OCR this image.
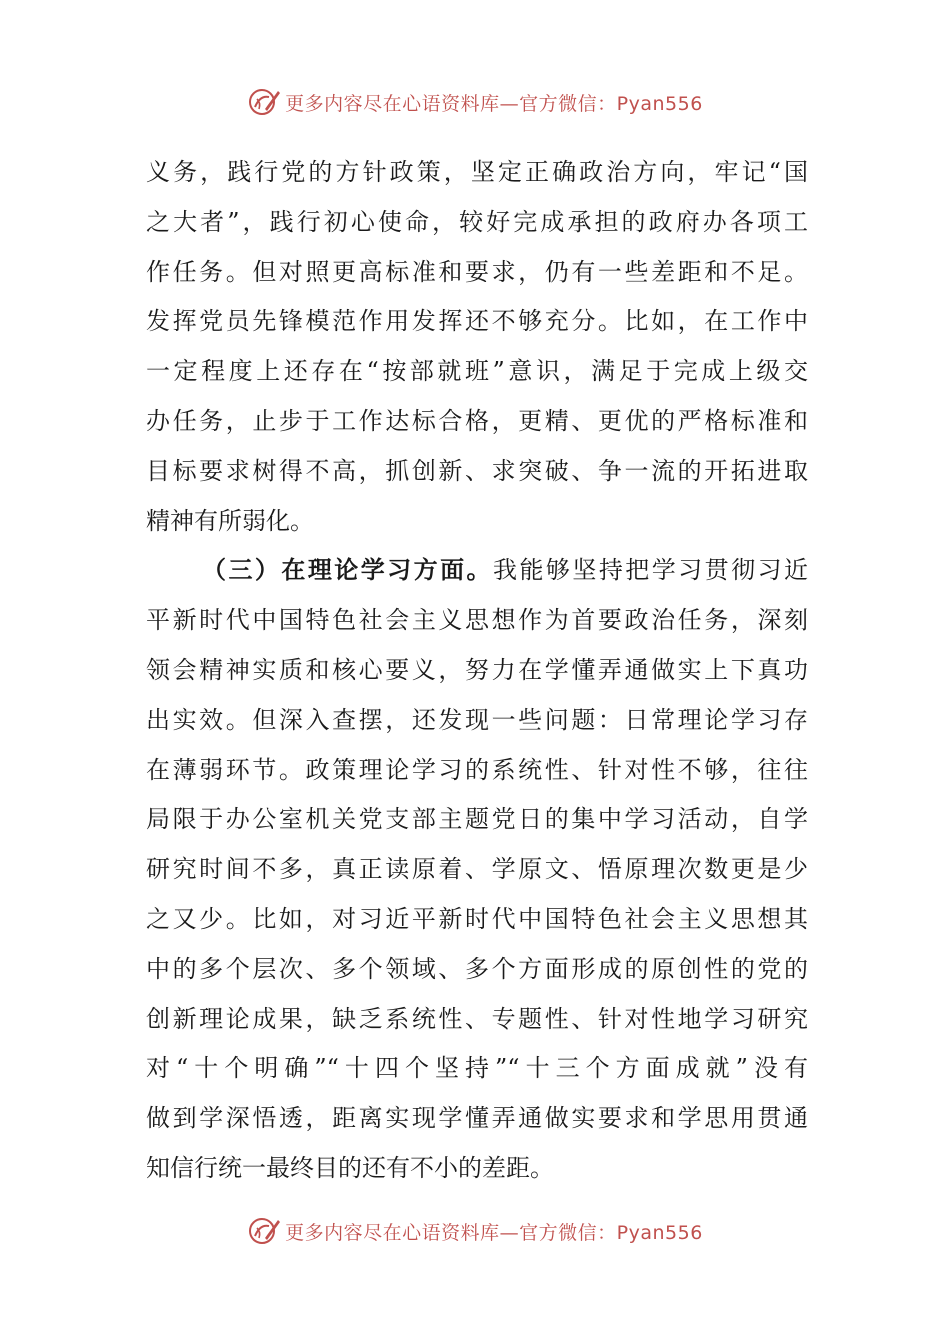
更多内容尽在心语资料库—官方微信：Pyan556
义务，践行党的方针政策，坚定正确政治方向，牢记“国
之大者”，践行初心使命，较好完成承担的政府办各项工
作任务。但对照更高标准和要求，仍有一些差距和不足。
发挥党员先锋模范作用发挥还不够充分。比如，在工作中
一定程度上还存在“按部就班”意识，满足于完成上级交
办任务，止步于工作达标合格，更精、更优的严格标准和
目标要求树得不高，抓创新、求突破、争一流的开拓进取
精神有所弱化。
（三）在理论学习方面。我能够坚持把学习贯彻习近
平新时代中国特色社会主义思想作为首要政治任务，深刻
领会精神实质和核心要义，努力在学懂弄通做实上下真功
出实效。但深入查摆，还发现一些问题：日常理论学习存
在薄弱环节。政策理论学习的系统性、针对性不够，往往
局限于办公室机关党支部主题党日的集中学习活动，自学
研究时间不多，真正读原着、学原文、悟原理次数更是少
之又少。比如，对习近平新时代中国特色社会主义思想其
中的多个层次、多个领域、多个方面形成的原创性的党的
创新理论成果，缺乏系统性、专题性、针对性地学习研究
对“十个明确”“十四个坚持”“十三个方面成就”没有
做到学深悟透，距离实现学懂弄通做实要求和学思用贯通
知信行统一最终目的还有不小的差距。
更多内容尽在心语资料库—官方微信：Pyan556
